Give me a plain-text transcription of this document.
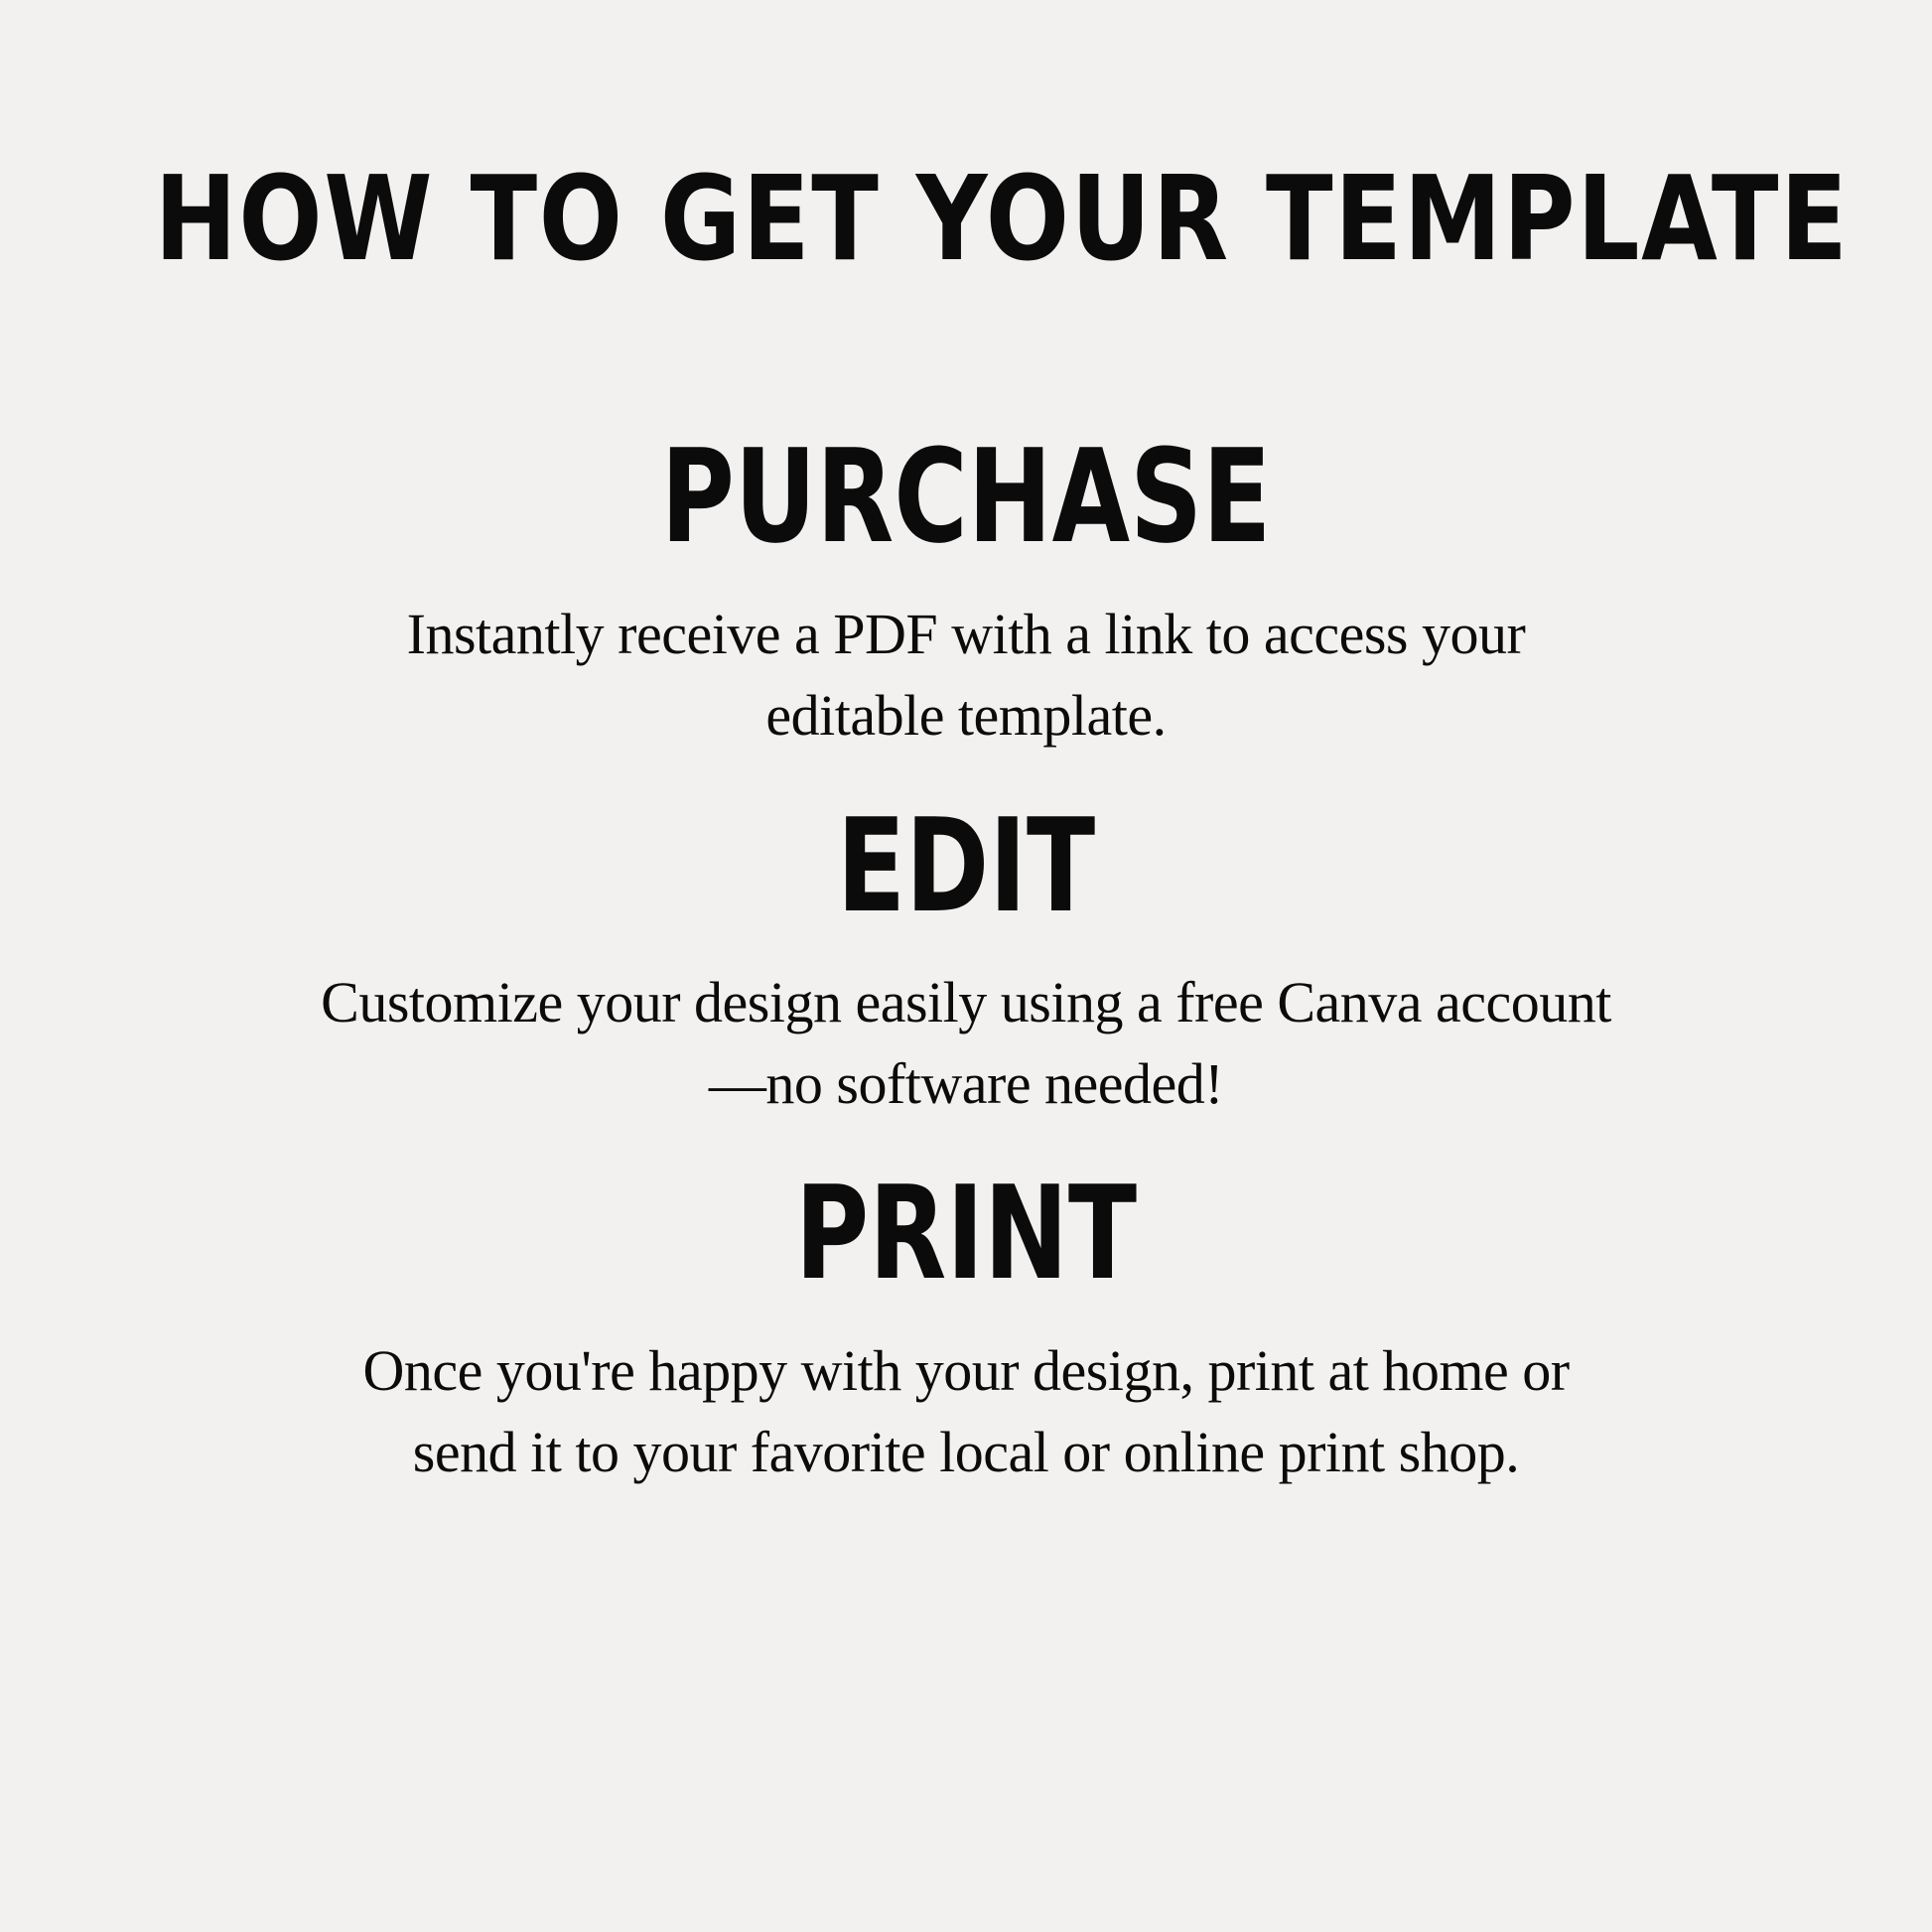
HOW TO GET YOUR TEMPLATE
PURCHASE
Instantly receive a PDF with a link to access your editable template.
EDIT
Customize your design easily using a free Canva account—no software needed!
PRINT
Once you're happy with your design, print at home or send it to your favorite local or online print shop.
